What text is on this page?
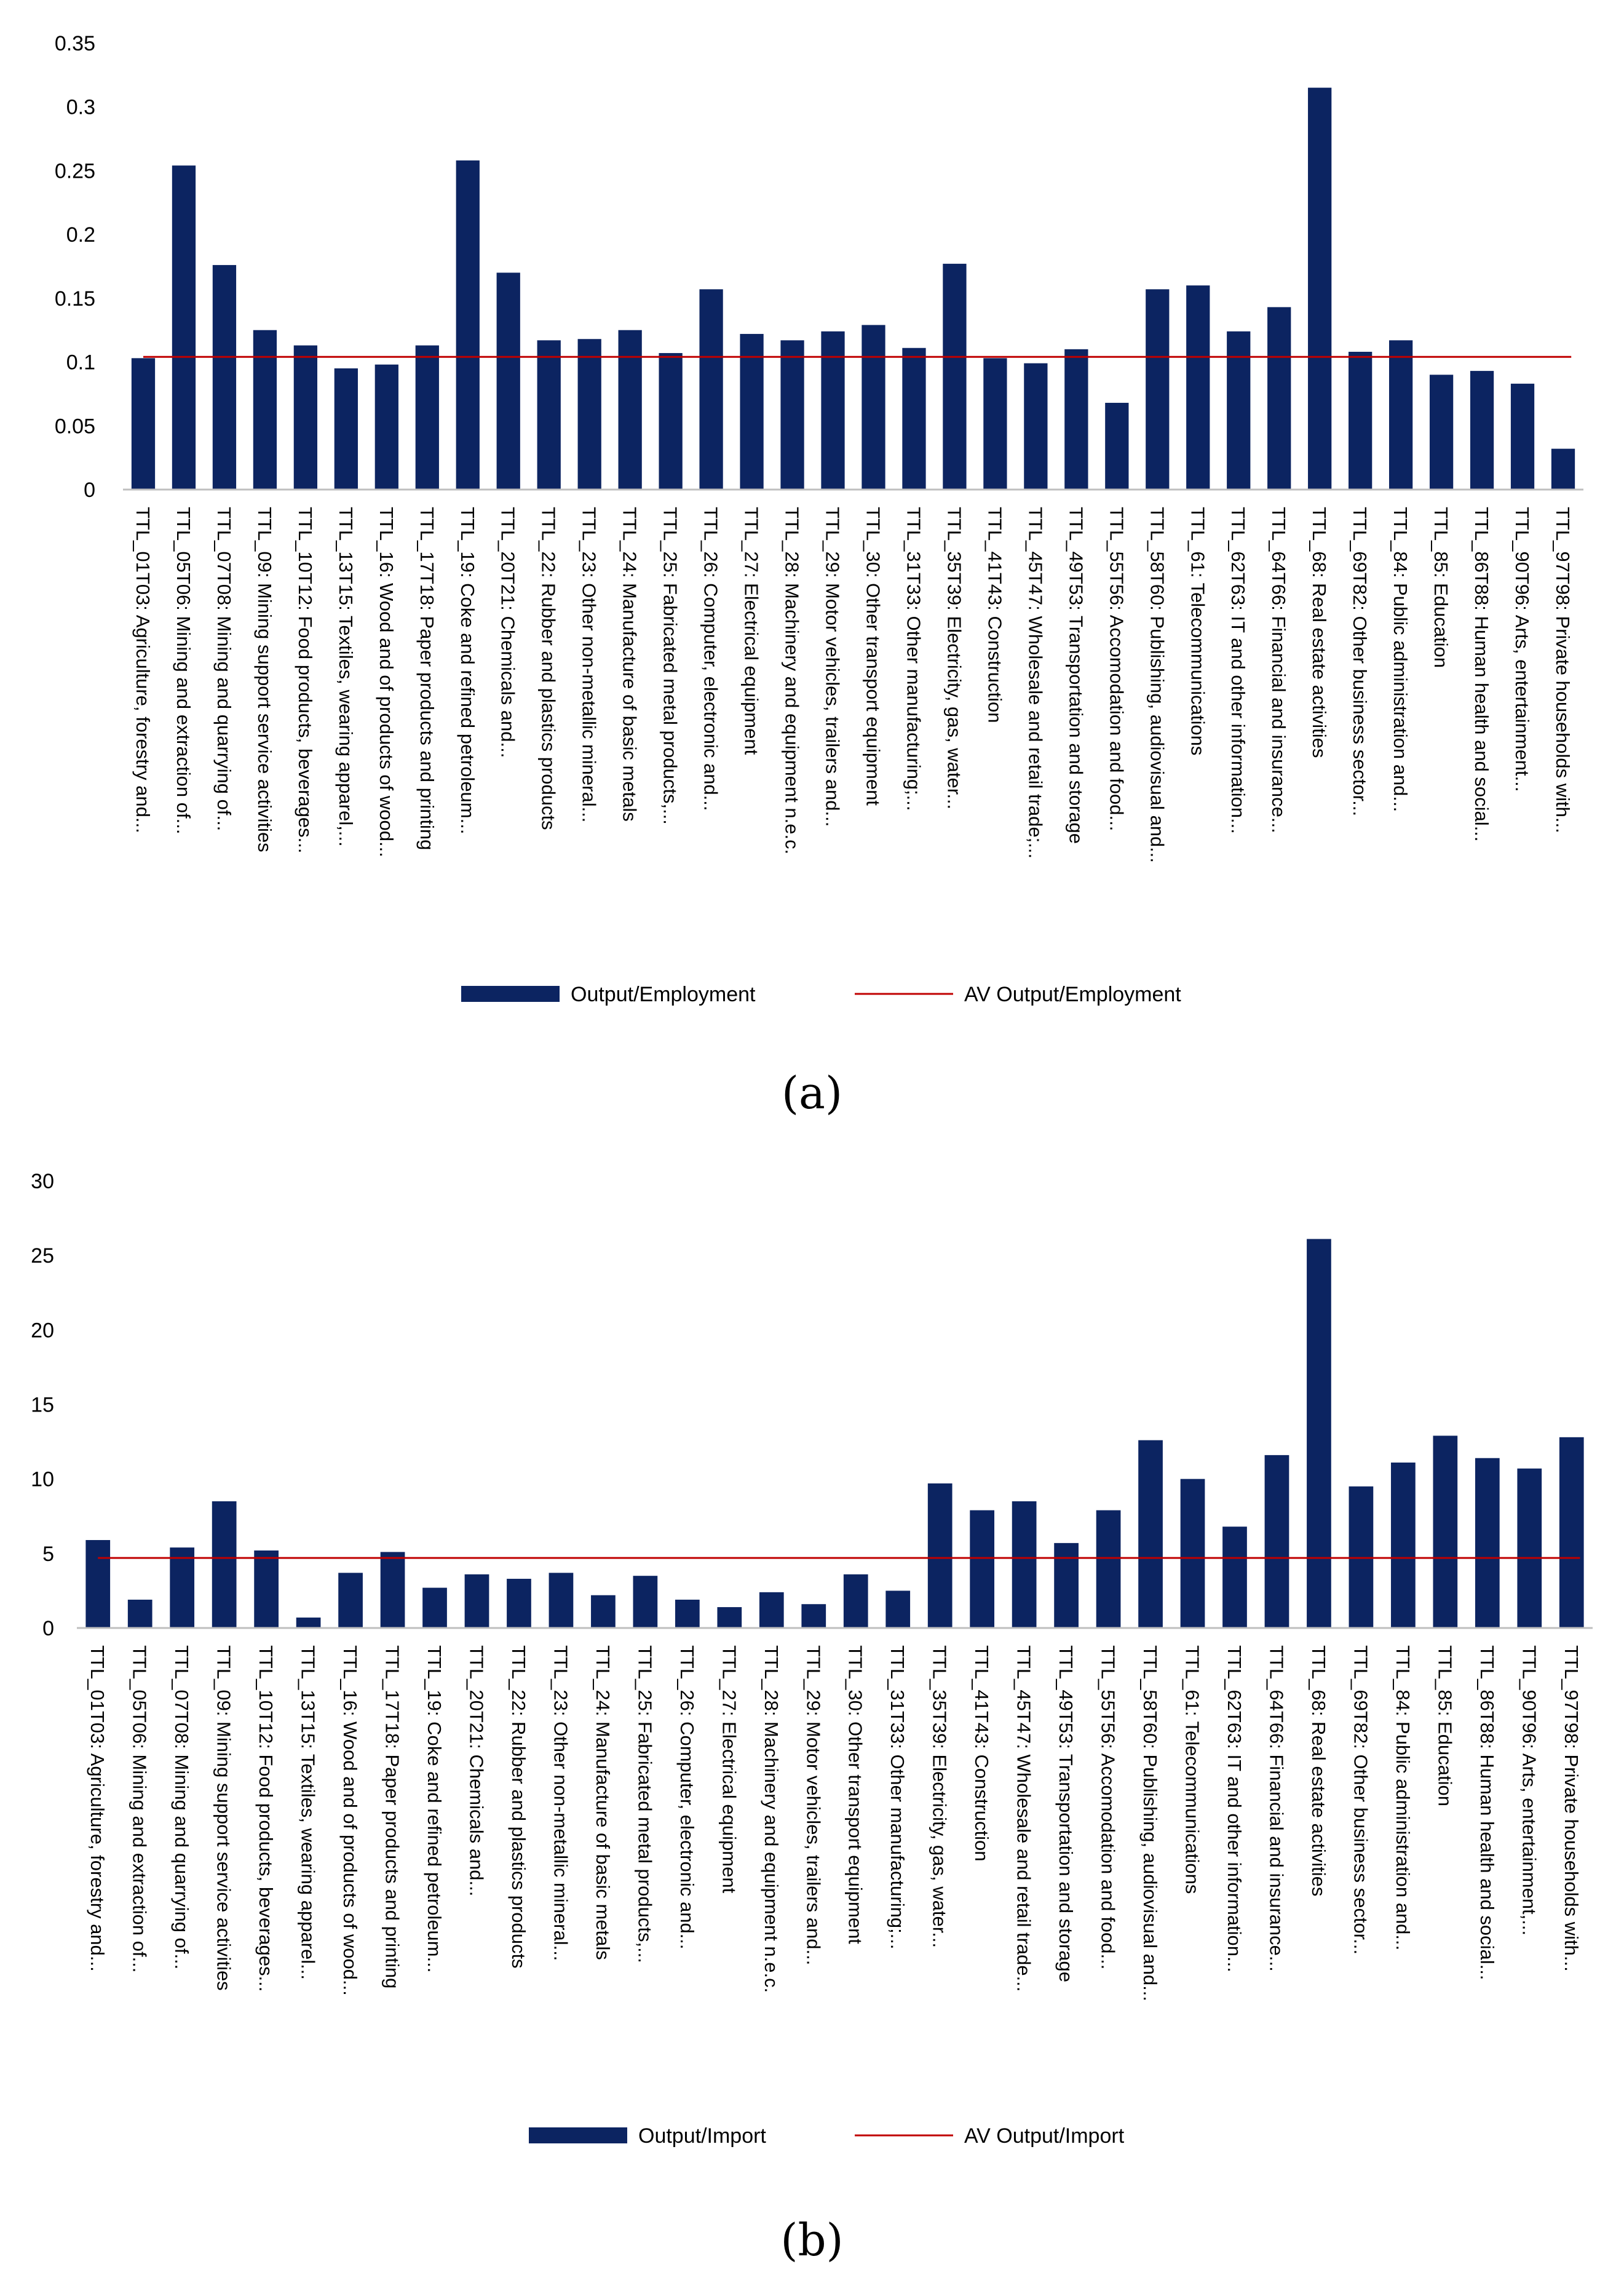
0
0.05
0.1
0.15
0.2
0.25
0.3
0.35
TTL_01T03: Agriculture, forestry and... TTL_05T06: Mining and extraction of... TTL_07T08: Mining and quarrying of... TTL_09: Mining support service activities TTL_10T12: Food products, beverages... TTL_13T15: Textiles, wearing apparel,... TTL_16: Wood and of products of wood... TTL_17T18: Paper products and printing TTL_19: Coke and refined petroleum... TTL_20T21: Chemicals and... TTL_22: Rubber and plastics products TTL_23: Other non-metallic mineral... TTL_24: Manufacture of basic metals TTL_25: Fabricated metal products,... TTL_26: Computer, electronic and... TTL_27: Electrical equipment TTL_28: Machinery and equipment n.e.c. TTL_29: Motor vehicles, trailers and... TTL_30: Other transport equipment TTL_31T33: Other manufacturing;... TTL_35T39: Electricity, gas, water... TTL_41T43: Construction TTL_45T47: Wholesale and retail trade;... TTL_49T53: Transportation and storage TTL_55T56: Accomodation and food... TTL_58T60: Publishing, audiovisual and... TTL_61: Telecommunications TTL_62T63: IT and other information... TTL_64T66: Financial and insurance... TTL_68: Real estate activities TTL_69T82: Other business sector... TTL_84: Public administration and... TTL_85: Education TTL_86T88: Human health and social... TTL_90T96: Arts, entertainment... TTL_97T98: Private households with...
Output/Employment	AV Output/Employment
(a)
0
5
10
15
20
25
30
TTL_01T03: Agriculture, forestry and... TTL_05T06: Mining and extraction of... TTL_07T08: Mining and quarrying of... TTL_09: Mining support service activities TTL_10T12: Food products, beverages... TTL_13T15: Textiles, wearing apparel... TTL_16: Wood and of products of wood... TTL_17T18: Paper products and printing TTL_19: Coke and refined petroleum... TTL_20T21: Chemicals and... TTL_22: Rubber and plastics products TTL_23: Other non-metallic mineral... TTL_24: Manufacture of basic metals TTL_25: Fabricated metal products,... TTL_26: Computer, electronic and... TTL_27: Electrical equipment TTL_28: Machinery and equipment n.e.c. TTL_29: Motor vehicles, trailers and... TTL_30: Other transport equipment TTL_31T33: Other manufacturing;... TTL_35T39: Electricity, gas, water... TTL_41T43: Construction TTL_45T47: Wholesale and retail trade... TTL_49T53: Transportation and storage TTL_55T56: Accomodation and food... TTL_58T60: Publishing, audiovisual and... TTL_61: Telecommunications TTL_62T63: IT and other information... TTL_64T66: Financial and insurance... TTL_68: Real estate activities TTL_69T82: Other business sector... TTL_84: Public administration and... TTL_85: Education TTL_86T88: Human health and social... TTL_90T96: Arts, entertainment,... TTL_97T98: Private households with...
Output/Import	AV Output/Import
(b)
